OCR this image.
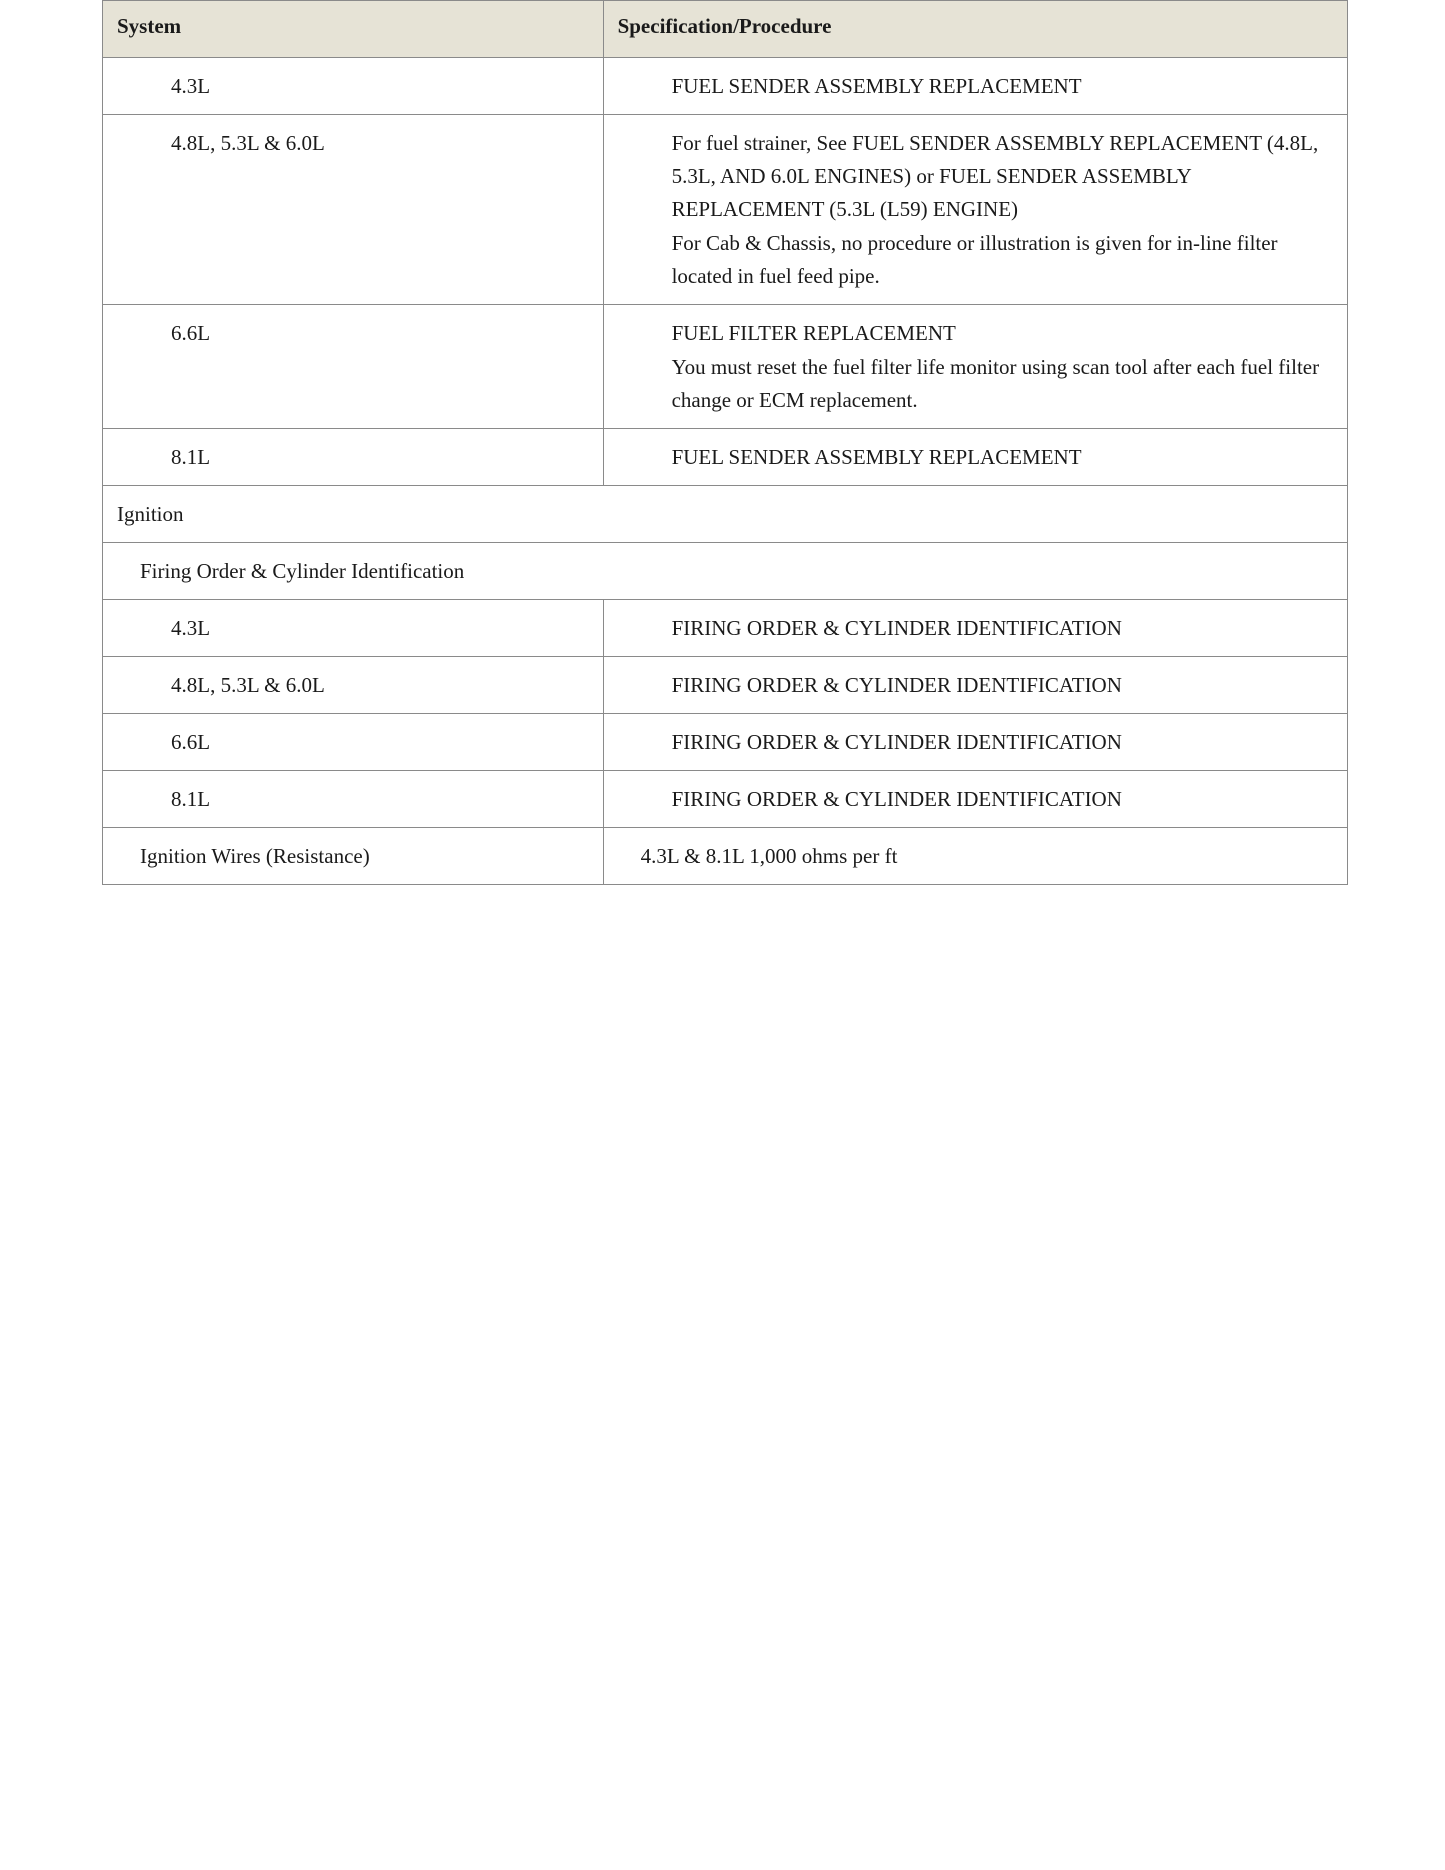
System	Specification/Procedure
4.3L	FUEL SENDER ASSEMBLY REPLACEMENT

4.8L, 5.3L & 6.0L	For fuel strainer, See FUEL SENDER ASSEMBLY REPLACEMENT (4.8L, 5.3L, AND 6.0L ENGINES) or FUEL SENDER ASSEMBLY REPLACEMENT (5.3L (L59) ENGINE)

For Cab & Chassis, no procedure or illustration is given for in-line filter located in fuel feed pipe.

6.6L	FUEL FILTER REPLACEMENT

You must reset the fuel filter life monitor using scan tool after each fuel filter change or ECM replacement.

8.1L	FUEL SENDER ASSEMBLY REPLACEMENT

Ignition	
Firing Order & Cylinder Identification	
4.3L	FIRING ORDER & CYLINDER IDENTIFICATION

4.8L, 5.3L & 6.0L	FIRING ORDER & CYLINDER IDENTIFICATION

6.6L	FIRING ORDER & CYLINDER IDENTIFICATION

8.1L	FIRING ORDER & CYLINDER IDENTIFICATION

Ignition Wires (Resistance)	4.3L & 8.1L 1,000 ohms per ft
